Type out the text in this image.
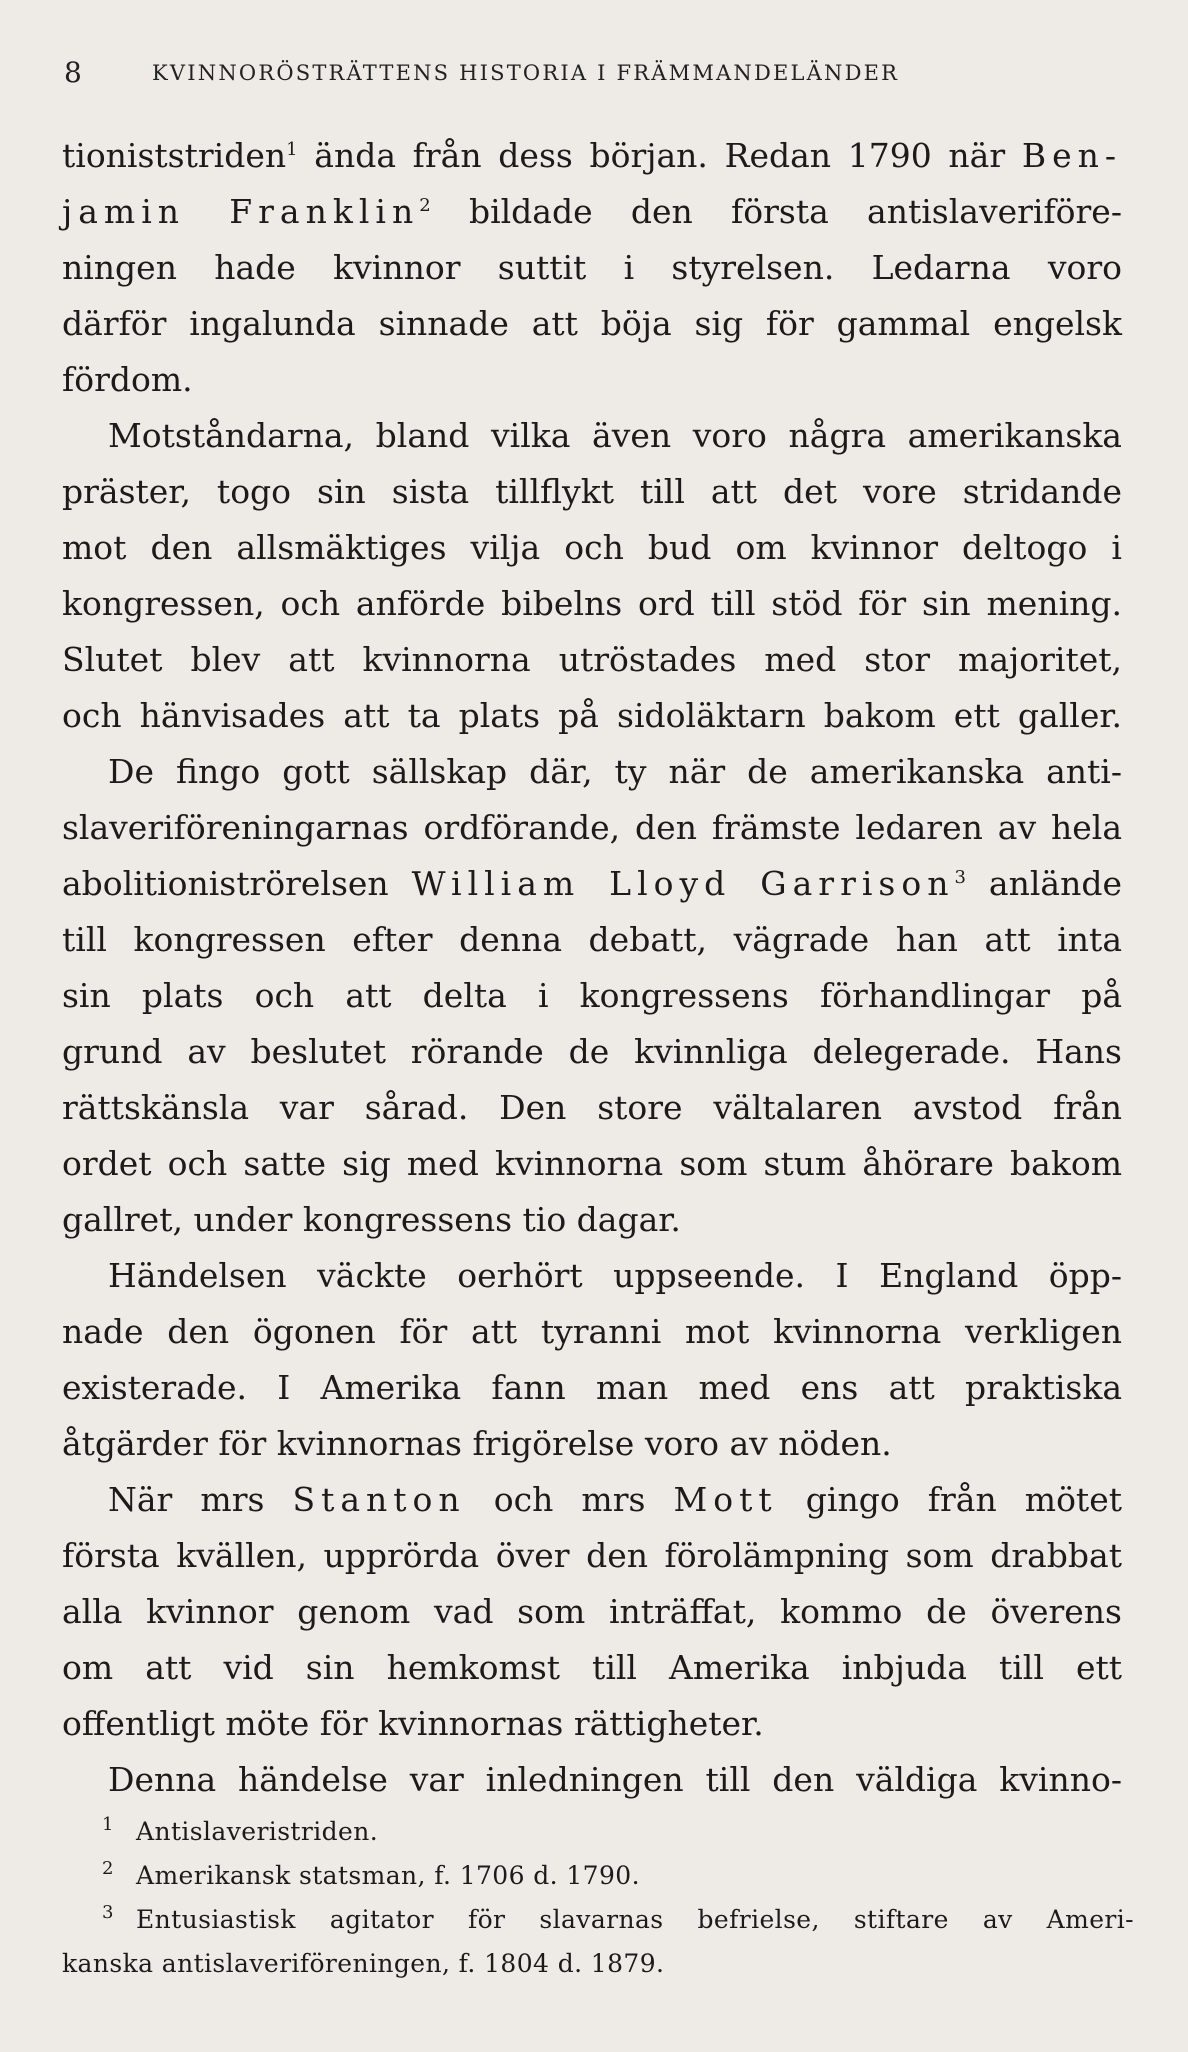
8	KVINNORÖSTRÄTTENS HISTORIA I FRÄMMANDELÄNDER
tioniststriden$^1$ ända från dess början. Redan 1790 när Ben-
jamin Franklin$^2$ bildade den första antislaveriföre-
ningen hade kvinnor suttit i styrelsen. Ledarna voro
därför ingalunda sinnade att böja sig för gammal engelsk
fördom.
Motståndarna, bland vilka även voro några amerikanska
präster, togo sin sista tillflykt till att det vore stridande
mot den allsmäktiges vilja och bud om kvinnor deltogo i
kongressen, och anförde bibelns ord till stöd för sin mening.
Slutet blev att kvinnorna utröstades med stor majoritet,
och hänvisades att ta plats på sidoläktarn bakom ett galler.
De fingo gott sällskap där, ty när de amerikanska anti-
slaveriföreningarnas ordförande, den främste ledaren av hela
abolitioniströrelsen William Lloyd Garrison$^3$ anlände
till kongressen efter denna debatt, vägrade han att inta
sin plats och att delta i kongressens förhandlingar på
grund av beslutet rörande de kvinnliga delegerade. Hans
rättskänsla var sårad. Den store vältalaren avstod från
ordet och satte sig med kvinnorna som stum åhörare bakom
gallret, under kongressens tio dagar.
Händelsen väckte oerhört uppseende. I England öpp-
nade den ögonen för att tyranni mot kvinnorna verkligen
existerade. I Amerika fann man med ens att praktiska
åtgärder för kvinnornas frigörelse voro av nöden.
När mrs Stanton och mrs Mott gingo från mötet
första kvällen, upprörda över den förolämpning som drabbat
alla kvinnor genom vad som inträffat, kommo de överens
om att vid sin hemkomst till Amerika inbjuda till ett
offentligt möte för kvinnornas rättigheter.
Denna händelse var inledningen till den väldiga kvinno-
1 Antislaveristriden.
2 Amerikansk statsman, f. 1706 d. 1790.
3 Entusiastisk agitator för slavarnas befrielse, stiftare av Ameri-
kanska antislaveriföreningen, f. 1804 d. 1879.
